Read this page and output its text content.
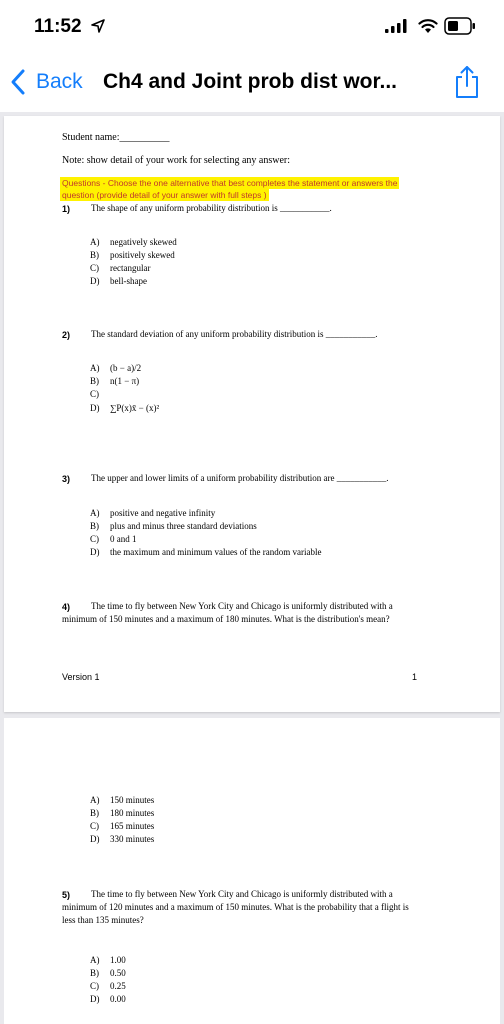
11:52
Back Ch4 and Joint prob dist wor...
Student name:__________
Note: show detail of your work for selecting any answer:
Questions - Choose the one alternative that best completes the statement or answers the
question (provide detail of your answer with full steps )
1) The shape of any uniform probability distribution is ___________.
A) negatively skewed
B) positively skewed
C) rectangular
D) bell-shape
2) The standard deviation of any uniform probability distribution is ___________.
A) (b − a)/2
B) n(1 − π)
C)
D) ∑P(x)x̄ − (x)²
3) The upper and lower limits of a uniform probability distribution are ___________.
A) positive and negative infinity
B) plus and minus three standard deviations
C) 0 and 1
D) the maximum and minimum values of the random variable
4) The time to fly between New York City and Chicago is uniformly distributed with a
minimum of 150 minutes and a maximum of 180 minutes. What is the distribution's mean?
Version 1	1
A) 150 minutes
B) 180 minutes
C) 165 minutes
D) 330 minutes
5) The time to fly between New York City and Chicago is uniformly distributed with a
minimum of 120 minutes and a maximum of 150 minutes. What is the probability that a flight is
less than 135 minutes?
A) 1.00
B) 0.50
C) 0.25
D) 0.00
